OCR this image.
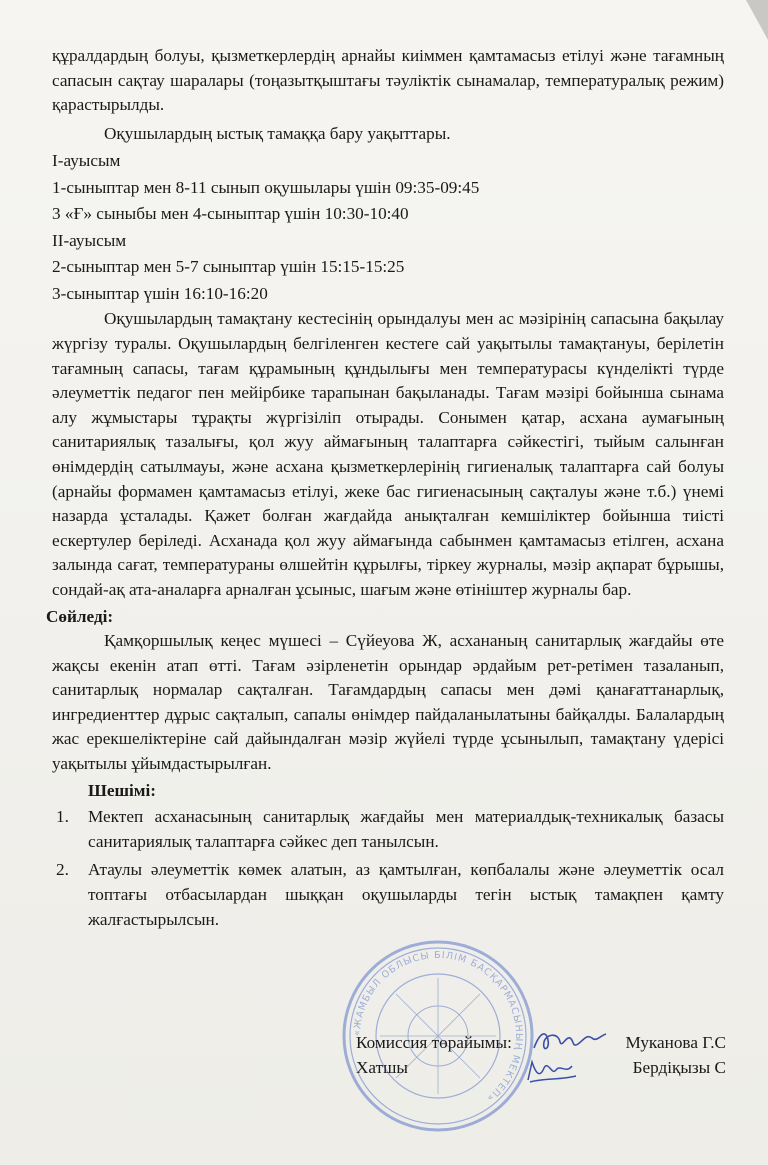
құралдардың болуы, қызметкерлердің арнайы киіммен қамтамасыз етілуі және тағамның сапасын сақтау шаралары (тоңазытқыштағы тәуліктік сынамалар, температуралық режим) қарастырылды.

Оқушылардың ыстық тамаққа бару уақыттары.

І-ауысым

1-сыныптар мен 8-11 сынып оқушылары үшін 09:35-09:45

3 «Ғ» сыныбы мен 4-сыныптар үшін 10:30-10:40

ІІ-ауысым

2-сыныптар мен 5-7 сыныптар үшін 15:15-15:25

3-сыныптар үшін 16:10-16:20

Оқушылардың тамақтану кестесінің орындалуы мен ас мәзірінің сапасына бақылау жүргізу туралы. Оқушылардың белгіленген кестеге сай уақытылы тамақтануы, берілетін тағамның сапасы, тағам құрамының құндылығы мен температурасы күнделікті түрде әлеуметтік педагог пен мейірбике тарапынан бақыланады. Тағам мәзірі бойынша сынама алу жұмыстары тұрақты жүргізіліп отырады. Сонымен қатар, асхана аумағының санитариялық тазалығы, қол жуу аймағының талаптарға сәйкестігі, тыйым салынған өнімдердің сатылмауы, және асхана қызметкерлерінің гигиеналық талаптарға сай болуы (арнайы формамен қамтамасыз етілуі, жеке бас гигиенасының сақталуы және т.б.) үнемі назарда ұсталады. Қажет болған жағдайда анықталған кемшіліктер бойынша тиісті ескертулер беріледі. Асханада қол жуу аймағында сабынмен қамтамасыз етілген, асхана залында сағат, температураны өлшейтін құрылғы, тіркеу журналы, мәзір ақпарат бұрышы, сондай-ақ ата-аналарға арналған ұсыныс, шағым және өтініштер журналы бар.

Сөйледі:

Қамқоршылық кеңес мүшесі – Сүйеуова Ж, асхананың санитарлық жағдайы өте жақсы екенін атап өтті. Тағам әзірленетін орындар әрдайым рет-ретімен тазаланып, санитарлық нормалар сақталған. Тағамдардың сапасы мен дәмі қанағаттанарлық, ингредиенттер дұрыс сақталып, сапалы өнімдер пайдаланылатыны байқалды. Балалардың жас ерекшеліктеріне сай дайындалған мәзір жүйелі түрде ұсынылып, тамақтану үдерісі уақытылы ұйымдастырылған.

Шешімі:

1. Мектеп асханасының санитарлық жағдайы мен материалдық-техникалық базасы санитариялық талаптарға сәйкес деп танылсын.
2. Атаулы әлеуметтік көмек алатын, аз қамтылған, көпбалалы және әлеуметтік осал топтағы отбасылардан шыққан оқушыларды тегін ыстық тамақпен қамту жалғастырылсын.
«ЖАМБЫЛ ОБЛЫСЫ БІЛІМ БАСҚАРМАСЫНЫҢ МЕКТЕП»
Комиссия төрайымы:	Муканова Г.С
Хатшы	Бердіқызы С
